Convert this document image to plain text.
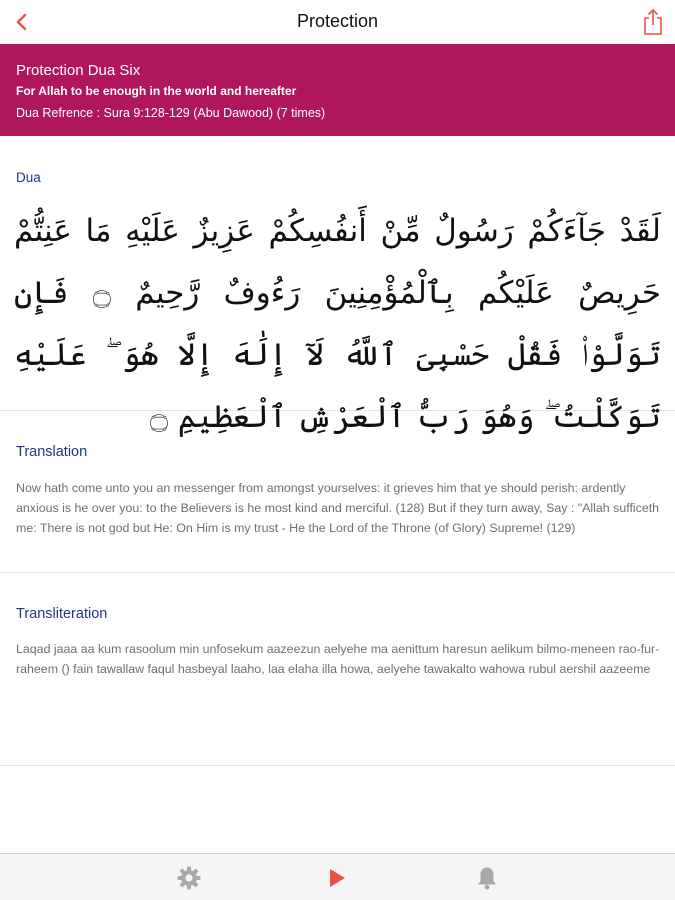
Protection
Protection Dua Six
For Allah to be enough in the world and hereafter
Dua Refrence : Sura 9:128-129 (Abu Dawood) (7 times)
Dua
لَقَدْ جَآءَكُمْ رَسُولٌ مِّنْ أَنفُسِكُمْ عَزِيزٌ عَلَيْهِ مَا عَنِتُّمْ حَرِيصٌ عَلَيْكُم بِٱلْمُؤْمِنِينَ رَءُوفٌ رَّحِيمٌ ۝ فَإِن تَوَلَّوْا۟ فَقُلْ حَسْبِىَ ٱللَّهُ لَآ إِلَٰهَ إِلَّا هُوَ ۖ عَلَيْهِ تَوَكَّلْتُ ۖ وَهُوَ رَبُّ ٱلْعَرْشِ ٱلْعَظِيمِ ۝
Translation
Now hath come unto you an messenger from amongst yourselves: it grieves him that ye should perish: ardently anxious is he over you: to the Believers is he most kind and merciful. (128) But if they turn away, Say : "Allah sufficeth me: There is not god but He: On Him is my trust - He the Lord of the Throne (of Glory) Supreme! (129)
Transliteration
Laqad jaaa aa kum rasoolum min unfosekum aazeezun aelyehe ma aenittum haresun aelikum bilmo-meneen rao-fur-raheem () fain tawallaw faqul hasbeyal laaho, laa elaha illa howa, aelyehe tawakalto wahowa rubul aershil aazeeme
